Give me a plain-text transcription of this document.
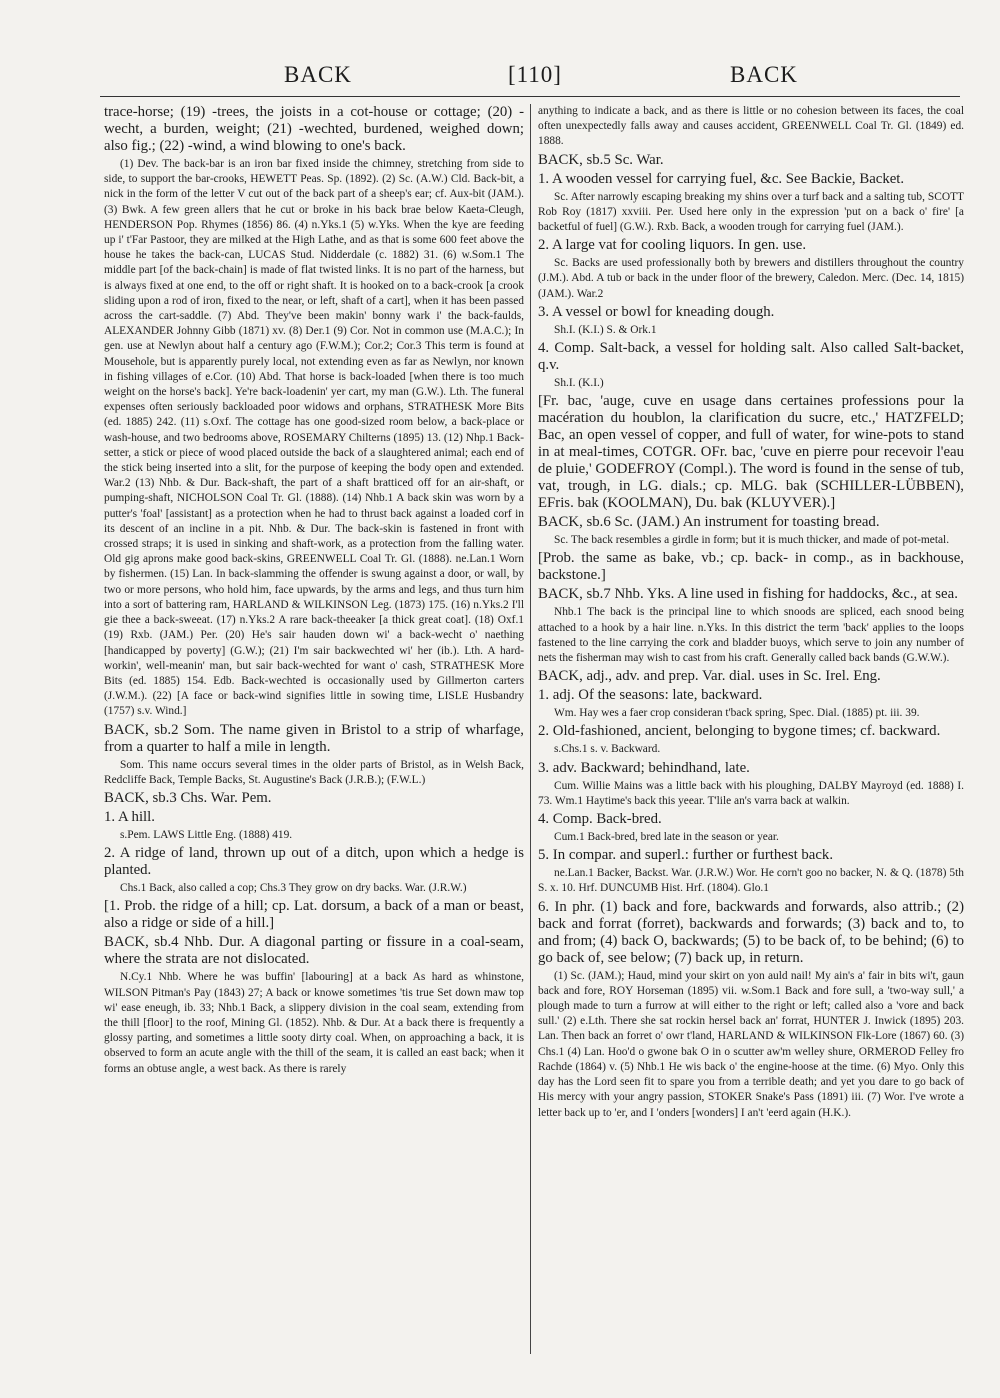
BACK	[110]	BACK

trace-horse; (19) -trees, the joists in a cot-house or cottage; (20) -wecht, a burden, weight; (21) -wechted, burdened, weighed down; also fig.; (22) -wind, a wind blowing to one's back.

(1) Dev. The back-bar is an iron bar fixed inside the chimney, stretching from side to side, to support the bar-crooks, HEWETT Peas. Sp. (1892). (2) Sc. (A.W.) Cld. Back-bit, a nick in the form of the letter V cut out of the back part of a sheep's ear; cf. Aux-bit (JAM.). (3) Bwk. A few green allers that he cut or broke in his back brae below Kaeta-Cleugh, HENDERSON Pop. Rhymes (1856) 86. (4) n.Yks.1 (5) w.Yks. When the kye are feeding up i' t'Far Pastoor, they are milked at the High Lathe, and as that is some 600 feet above the house he takes the back-can, LUCAS Stud. Nidderdale (c. 1882) 31. (6) w.Som.1 The middle part [of the back-chain] is made of flat twisted links. It is no part of the harness, but is always fixed at one end, to the off or right shaft. It is hooked on to a back-crook [a crook sliding upon a rod of iron, fixed to the near, or left, shaft of a cart], when it has been passed across the cart-saddle. (7) Abd. They've been makin' bonny wark i' the back-faulds, ALEXANDER Johnny Gibb (1871) xv. (8) Der.1 (9) Cor. Not in common use (M.A.C.); In gen. use at Newlyn about half a century ago (F.W.M.); Cor.2; Cor.3 This term is found at Mousehole, but is apparently purely local, not extending even as far as Newlyn, nor known in fishing villages of e.Cor. (10) Abd. That horse is back-loaded [when there is too much weight on the horse's back]. Ye're back-loadenin' yer cart, my man (G.W.). Lth. The funeral expenses often seriously backloaded poor widows and orphans, STRATHESK More Bits (ed. 1885) 242. (11) s.Oxf. The cottage has one good-sized room below, a back-place or wash-house, and two bedrooms above, ROSEMARY Chilterns (1895) 13. (12) Nhp.1 Back-setter, a stick or piece of wood placed outside the back of a slaughtered animal; each end of the stick being inserted into a slit, for the purpose of keeping the body open and extended. War.2 (13) Nhb. & Dur. Back-shaft, the part of a shaft bratticed off for an air-shaft, or pumping-shaft, NICHOLSON Coal Tr. Gl. (1888). (14) Nhb.1 A back skin was worn by a putter's 'foal' [assistant] as a protection when he had to thrust back against a loaded corf in its descent of an incline in a pit. Nhb. & Dur. The back-skin is fastened in front with crossed straps; it is used in sinking and shaft-work, as a protection from the falling water. Old gig aprons make good back-skins, GREENWELL Coal Tr. Gl. (1888). ne.Lan.1 Worn by fishermen. (15) Lan. In back-slamming the offender is swung against a door, or wall, by two or more persons, who hold him, face upwards, by the arms and legs, and thus turn him into a sort of battering ram, HARLAND & WILKINSON Leg. (1873) 175. (16) n.Yks.2 I'll gie thee a back-sweeat. (17) n.Yks.2 A rare back-theeaker [a thick great coat]. (18) Oxf.1 (19) Rxb. (JAM.) Per. (20) He's sair hauden down wi' a back-wecht o' naething [handicapped by poverty] (G.W.); (21) I'm sair backwechted wi' her (ib.). Lth. A hard-workin', well-meanin' man, but sair back-wechted for want o' cash, STRATHESK More Bits (ed. 1885) 154. Edb. Back-wechted is occasionally used by Gillmerton carters (J.W.M.). (22) [A face or back-wind signifies little in sowing time, LISLE Husbandry (1757) s.v. Wind.]

BACK, sb.2 Som. The name given in Bristol to a strip of wharfage, from a quarter to half a mile in length.

Som. This name occurs several times in the older parts of Bristol, as in Welsh Back, Redcliffe Back, Temple Backs, St. Augustine's Back (J.R.B.); (F.W.L.)

BACK, sb.3 Chs. War. Pem.

1. A hill.

s.Pem. LAWS Little Eng. (1888) 419.

2. A ridge of land, thrown up out of a ditch, upon which a hedge is planted.

Chs.1 Back, also called a cop; Chs.3 They grow on dry backs. War. (J.R.W.)

[1. Prob. the ridge of a hill; cp. Lat. dorsum, a back of a man or beast, also a ridge or side of a hill.]

BACK, sb.4 Nhb. Dur. A diagonal parting or fissure in a coal-seam, where the strata are not dislocated.

N.Cy.1 Nhb. Where he was buffin' [labouring] at a back As hard as whinstone, WILSON Pitman's Pay (1843) 27; A back or knowe sometimes 'tis true Set down maw top wi' ease eneugh, ib. 33; Nhb.1 Back, a slippery division in the coal seam, extending from the thill [floor] to the roof, Mining Gl. (1852). Nhb. & Dur. At a back there is frequently a glossy parting, and sometimes a little sooty dirty coal. When, on approaching a back, it is observed to form an acute angle with the thill of the seam, it is called an east back; when it forms an obtuse angle, a west back. As there is rarely

anything to indicate a back, and as there is little or no cohesion between its faces, the coal often unexpectedly falls away and causes accident, GREENWELL Coal Tr. Gl. (1849) ed. 1888.

BACK, sb.5 Sc. War.

1. A wooden vessel for carrying fuel, &c. See Backie, Backet.

Sc. After narrowly escaping breaking my shins over a turf back and a salting tub, SCOTT Rob Roy (1817) xxviii. Per. Used here only in the expression 'put on a back o' fire' [a backetful of fuel] (G.W.). Rxb. Back, a wooden trough for carrying fuel (JAM.).

2. A large vat for cooling liquors. In gen. use.

Sc. Backs are used professionally both by brewers and distillers throughout the country (J.M.). Abd. A tub or back in the under floor of the brewery, Caledon. Merc. (Dec. 14, 1815) (JAM.). War.2

3. A vessel or bowl for kneading dough.

Sh.I. (K.I.) S. & Ork.1

4. Comp. Salt-back, a vessel for holding salt. Also called Salt-backet, q.v.

Sh.I. (K.I.)

[Fr. bac, 'auge, cuve en usage dans certaines professions pour la macération du houblon, la clarification du sucre, etc.,' HATZFELD; Bac, an open vessel of copper, and full of water, for wine-pots to stand in at meal-times, COTGR. OFr. bac, 'cuve en pierre pour recevoir l'eau de pluie,' GODEFROY (Compl.). The word is found in the sense of tub, vat, trough, in LG. dials.; cp. MLG. bak (SCHILLER-LÜBBEN), EFris. bak (KOOLMAN), Du. bak (KLUYVER).]

BACK, sb.6 Sc. (JAM.) An instrument for toasting bread.

Sc. The back resembles a girdle in form; but it is much thicker, and made of pot-metal.

[Prob. the same as bake, vb.; cp. back- in comp., as in backhouse, backstone.]

BACK, sb.7 Nhb. Yks. A line used in fishing for haddocks, &c., at sea.

Nhb.1 The back is the principal line to which snoods are spliced, each snood being attached to a hook by a hair line. n.Yks. In this district the term 'back' applies to the loops fastened to the line carrying the cork and bladder buoys, which serve to join any number of nets the fisherman may wish to cast from his craft. Generally called back bands (G.W.W.).

BACK, adj., adv. and prep. Var. dial. uses in Sc. Irel. Eng.

1. adj. Of the seasons: late, backward.

Wm. Hay wes a faer crop consideran t'back spring, Spec. Dial. (1885) pt. iii. 39.

2. Old-fashioned, ancient, belonging to bygone times; cf. backward.

s.Chs.1 s. v. Backward.

3. adv. Backward; behindhand, late.

Cum. Willie Mains was a little back with his ploughing, DALBY Mayroyd (ed. 1888) I. 73. Wm.1 Haytime's back this yeear. T'lile an's varra back at walkin.

4. Comp. Back-bred.

Cum.1 Back-bred, bred late in the season or year.

5. In compar. and superl.: further or furthest back.

ne.Lan.1 Backer, Backst. War. (J.R.W.) Wor. He corn't goo no backer, N. & Q. (1878) 5th S. x. 10. Hrf. DUNCUMB Hist. Hrf. (1804). Glo.1

6. In phr. (1) back and fore, backwards and forwards, also attrib.; (2) back and forrat (forret), backwards and forwards; (3) back and to, to and from; (4) back O, backwards; (5) to be back of, to be behind; (6) to go back of, see below; (7) back up, in return.

(1) Sc. (JAM.); Haud, mind your skirt on yon auld nail! My ain's a' fair in bits wi't, gaun back and fore, ROY Horseman (1895) vii. w.Som.1 Back and fore sull, a 'two-way sull,' a plough made to turn a furrow at will either to the right or left; called also a 'vore and back sull.' (2) e.Lth. There she sat rockin hersel back an' forrat, HUNTER J. Inwick (1895) 203. Lan. Then back an forret o' owr t'land, HARLAND & WILKINSON Flk-Lore (1867) 60. (3) Chs.1 (4) Lan. Hoo'd o gwone bak O in o scutter aw'm welley shure, ORMEROD Felley fro Rachde (1864) v. (5) Nhb.1 He wis back o' the engine-hoose at the time. (6) Myo. Only this day has the Lord seen fit to spare you from a terrible death; and yet you dare to go back of His mercy with your angry passion, STOKER Snake's Pass (1891) iii. (7) Wor. I've wrote a letter back up to 'er, and I 'onders [wonders] I an't 'eerd again (H.K.).
